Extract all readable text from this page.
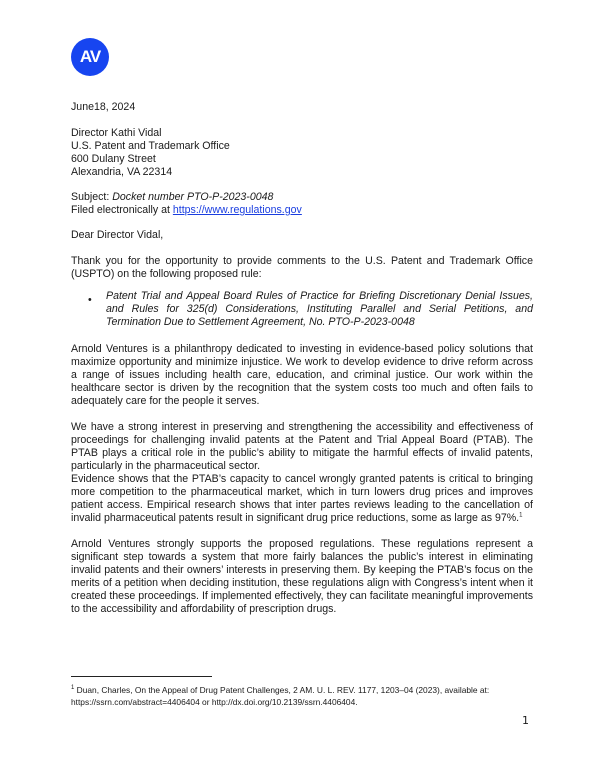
AV
June18, 2024
Director Kathi Vidal
U.S. Patent and Trademark Office
600 Dulany Street
Alexandria, VA 22314
Subject: Docket number PTO-P-2023-0048
Filed electronically at https://www.regulations.gov
Dear Director Vidal,
Thank you for the opportunity to provide comments to the U.S. Patent and Trademark Office (USPTO) on the following proposed rule:
• Patent Trial and Appeal Board Rules of Practice for Briefing Discretionary Denial Issues, and Rules for 325(d) Considerations, Instituting Parallel and Serial Petitions, and Termination Due to Settlement Agreement, No. PTO-P-2023-0048
Arnold Ventures is a philanthropy dedicated to investing in evidence-based policy solutions that maximize opportunity and minimize injustice. We work to develop evidence to drive reform across a range of issues including health care, education, and criminal justice. Our work within the healthcare sector is driven by the recognition that the system costs too much and often fails to adequately care for the people it serves.
We have a strong interest in preserving and strengthening the accessibility and effectiveness of proceedings for challenging invalid patents at the Patent and Trial Appeal Board (PTAB). The PTAB plays a critical role in the public’s ability to mitigate the harmful effects of invalid patents, particularly in the pharmaceutical sector.
Evidence shows that the PTAB’s capacity to cancel wrongly granted patents is critical to bringing more competition to the pharmaceutical market, which in turn lowers drug prices and improves patient access. Empirical research shows that inter partes reviews leading to the cancellation of invalid pharmaceutical patents result in significant drug price reductions, some as large as 97%.$^1$
Arnold Ventures strongly supports the proposed regulations. These regulations represent a significant step towards a system that more fairly balances the public’s interest in eliminating invalid patents and their owners’ interests in preserving them. By keeping the PTAB’s focus on the merits of a petition when deciding institution, these regulations align with Congress’s intent when it created these proceedings. If implemented effectively, they can facilitate meaningful improvements to the accessibility and affordability of prescription drugs.
$^1$ Duan, Charles, On the Appeal of Drug Patent Challenges, 2 AM. U. L. REV. 1177, 1203–04 (2023), available at: https://ssrn.com/abstract=4406404 or http://dx.doi.org/10.2139/ssrn.4406404.
1
